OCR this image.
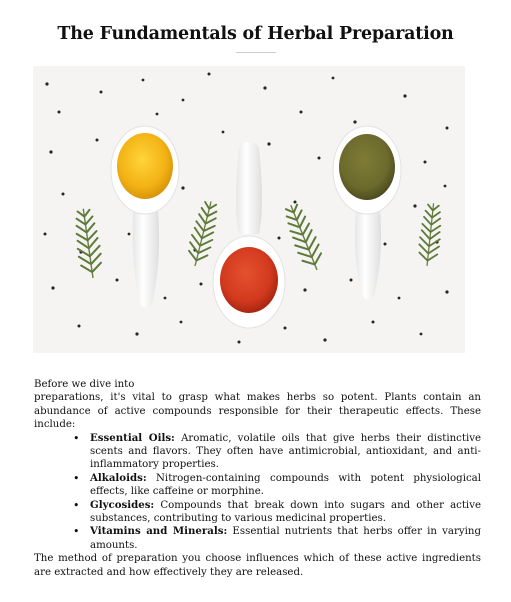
The Fundamentals of Herbal Preparation

Before we dive into

preparations, it's vital to grasp what makes herbs so potent. Plants contain an abundance of active compounds responsible for their therapeutic effects. These include:

• Essential Oils: Aromatic, volatile oils that give herbs their distinctive scents and flavors. They often have antimicrobial, antioxidant, and anti-inflammatory properties.
• Alkaloids: Nitrogen-containing compounds with potent physiological effects, like caffeine or morphine.
• Glycosides: Compounds that break down into sugars and other active substances, contributing to various medicinal properties.
• Vitamins and Minerals: Essential nutrients that herbs offer in varying amounts.

The method of preparation you choose influences which of these active ingredients are extracted and how effectively they are released.
